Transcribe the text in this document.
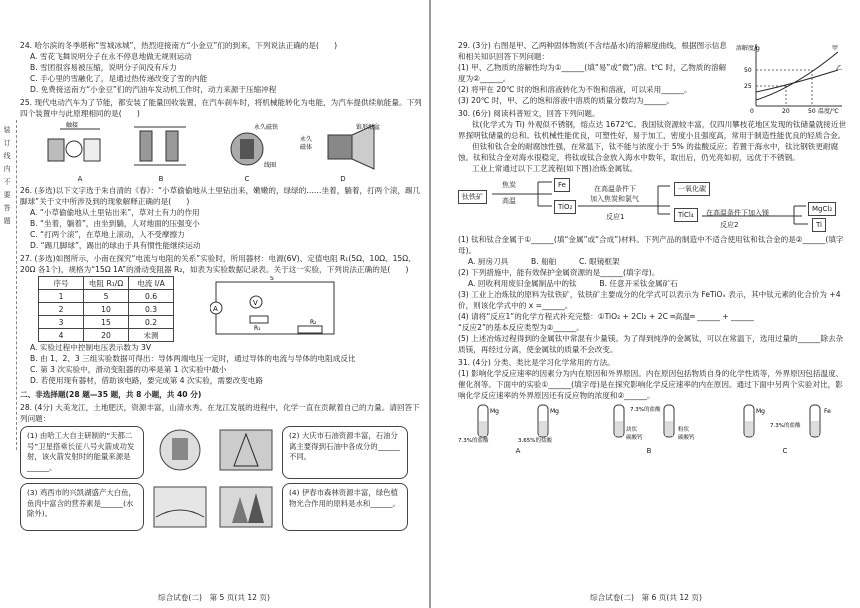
装
订
线
内
不
要
答
题

24. 哈尔滨的冬季堪称“雪城冰城”，热烈迎接南方“小金豆”们的到来，下列说法正确的是(　　)

A. 雪花飞舞说明分子在永不停息地做无规则运动

B. 雪团很容易被压缩，说明分子间没有斥力

C. 手心里的雪融化了，是通过热传递改变了雪的内能

D. 免费接送南方“小金豆”们的汽油车发动机工作时，动力来源于压缩冲程

25. 现代电动汽车为了节能，都安装了能量回收装置，在汽车刹车时，将机械能转化为电能，为汽车提供续航能量。下列四个装置中与此原理相同的是(　　)

触接
A	B
永久磁铁
线圈
C
永久
磁体
锥形纸盆
D

26. (多选)以下文字选于朱自清的《春》：“小草偷偷地从土里钻出来，嫩嫩的，绿绿的……坐着，躺着，打两个滚，踢几脚球”关于文中所涉及到的现象解释正确的是(　　)

A. “小草偷偷地从土里钻出来”，草对土有力的作用

B. “坐着，躺着”，由坐到躺，人对地面的压强变小

C. “打两个滚”，在草地上滚动，人不受摩擦力

D. “踢几脚球”，踢出的球由于具有惯性能继续运动

27. (多选)如图所示，小南在探究“电流与电阻的关系”实验时，所用器材：电源(6V)、定值电阻 R₁(5Ω、10Ω、15Ω、20Ω 各1个)，规格为“15Ω 1A”的滑动变阻器 R₂，如表为实验数据记录表。关于这一实验，下列说法正确的是(　　)

序号	电阻 R₁/Ω	电流 I/A
1	5	0.6
2	10	0.3
3	15	0.2
4	20	未测
A
V
R₁
R₂
S

A. 实验过程中控制电压表示数为 3V

B. 由 1、2、3 三组实验数据可得出：导体两端电压一定时，通过导体的电流与导体的电阻成反比

C. 第 3 次实验中，滑动变阻器的功率是第 1 次实验中最小

D. 若使用现有器材，借助该电路，要完成第 4 次实验，需要改变电路

二、非选择题(28 题—35 题，共 8 小题，共 40 分)

28. (4分) 大美龙江，土地肥沃，资源丰富，山清水秀。在龙江发展的进程中，化学一直在贡献着自己的力量。请回答下列问题：

(1) 由哈工大自主研制的“天都二号”卫星搭乘长征八号火箭成功发射，该火箭发射时的能量来源是______。
(2) 大庆市石油资源丰富，石油分离主要得到石油中各成分的______不同。
(3) 鸡西市的兴凯湖盛产大白鱼，鱼肉中富含的营养素是______(水除外)。
(4) 伊春市森林资源丰富，绿色植物光合作用的原料是水和______。
综合试卷(二)　第 5 页(共 12 页)

29. (3分) 右图是甲、乙两种固体物质(不含结晶水)的溶解度曲线，根据图示信息和相关知识回答下列问题：

(1) 甲、乙物质的溶解性均为①______(填“易”或“微”)溶。t℃ 时，乙物质的溶解度为②______。

(2) 将甲在 20℃ 时的饱和溶液转化为不饱和溶液，可以采用______。

(3) 20℃ 时，甲、乙的饱和溶液中溶质的质量分数均为______。

溶解度/g
50
25
0	20	50 温度/℃
甲
乙

30. (6分) 阅读科普短文，回答下列问题。

钛(化学式为 Ti) 外观似不锈钢，熔点达 1672℃。我国钛资源较丰富，仅四川攀枝花地区发现的钛储量就接近世界探明钛储量的总和。钛机械性能优良，可塑性好，易于加工，密度小且强度高，常用于制造性能优良的轻质合金。

但钛和钛合金的耐腐蚀性强，在常温下，钛不能与浓度小于 5% 的盐酸反应；若置于海水中，钛比钢铁更耐腐蚀。钛和钛合金对海水很稳定，将钛或钛合金放入海水中数年，取出后，仍光亮如初，远优于不锈钢。

工业上常通过以下工艺流程(如下图)冶炼金属钛。

钛铁矿
焦炭
高温
Fe
TiO₂
在高温条件下
加入焦炭和氯气
反应1
一氧化碳
TiCl₄	在高温条件下加入镁
反应2
MgCl₂
Ti

(1) 钛和钛合金属于①______(填“金属”或“合成”)材料。下列产品的制造中不适合使用钛和钛合金的是②______(填字母)。

A. 厨房刀具　　　B. 船舶　　　C. 眼镜框架

(2) 下列措施中，能有效保护金属资源的是______(填字母)。

A. 回收利用废旧金属制品中的钛　　　B. 任意开采钛金属矿石

(3) 工业上冶炼钛的原料为钛铁矿，钛铁矿主要成分的化学式可以表示为 FeTiOₓ 表示，其中钛元素的化合价为 +4 价，则该化学式中的 x =______。

(4) 请将“反应1”的化学方程式补充完整：①TiO₂ + 2Cl₂ + 2C ═高温═ ______ + ______

“反应2”的基本反应类型为②______。

(5) 上述冶炼过程得到的金属钛中常混有少量镁。为了得到纯净的金属钛，可以在常温下，选用过量的______除去杂质镁，再经过分离，使金属钛的质量不会改变。

31. (4分) 分类、类比是学习化学常用的方法。

(1) 影响化学反应速率的因素分为内在原因和外界原因。内在原因包括物质自身的化学性质等，外界原因包括温度、催化剂等。下面中的实验①______(填字母)是在探究影响化学反应速率的内在原因。通过下面中另两个实验对比，影响化学反应速率的外界原因还有反应物的浓度和②______。

Mg	Mg
7.3%的盐酸	3.65%的盐酸
A
7.3%的盐酸
块状
碳酸钙
粉状
碳酸钙
B
Mg	Fe
7.3%的盐酸
C
综合试卷(二)　第 6 页(共 12 页)
